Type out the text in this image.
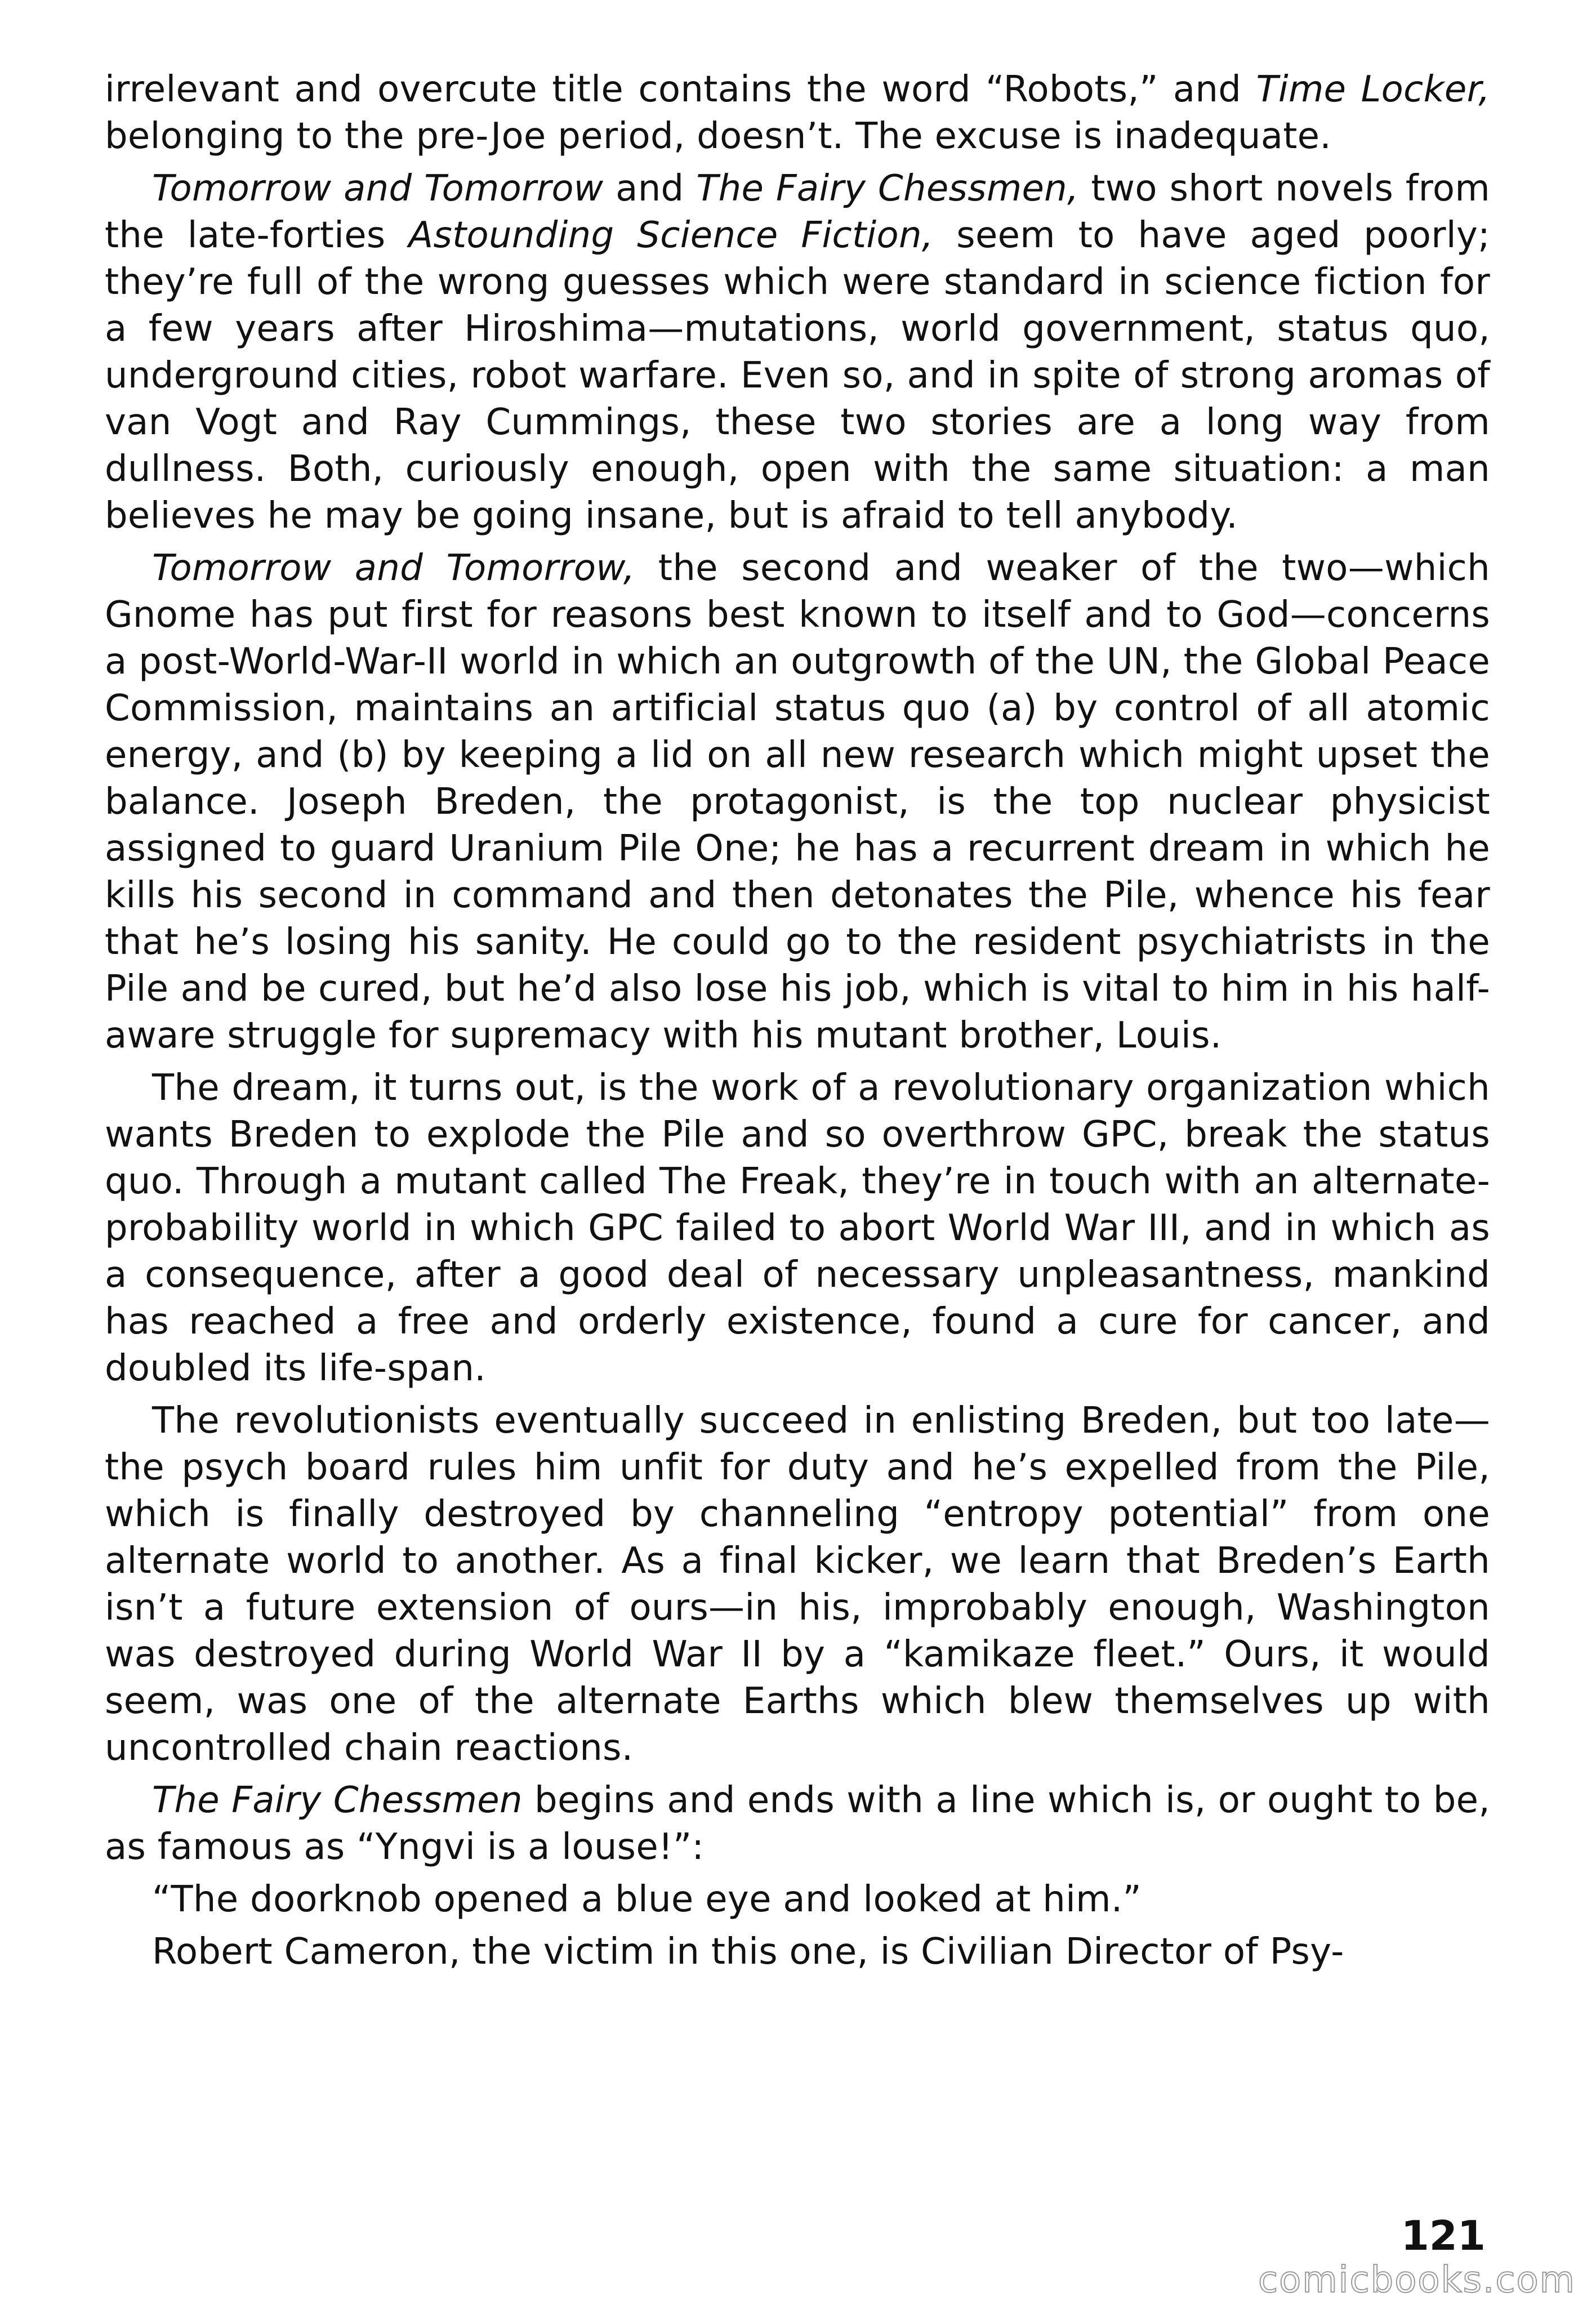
irrelevant and overcute title contains the word “Robots,” and Time Locker, belonging to the pre-Joe period, doesn’t. The excuse is inadequate.

Tomorrow and Tomorrow and The Fairy Chessmen, two short novels from the late-forties Astounding Science Fiction, seem to have aged poorly; they’re full of the wrong guesses which were standard in science fiction for a few years after Hiroshima—mutations, world government, status quo, underground cities, robot warfare. Even so, and in spite of strong aromas of van Vogt and Ray Cummings, these two stories are a long way from dullness. Both, curiously enough, open with the same situation: a man believes he may be going insane, but is afraid to tell anybody.

Tomorrow and Tomorrow, the second and weaker of the two—which Gnome has put first for reasons best known to itself and to God—concerns a post-World-War-II world in which an outgrowth of the UN, the Global Peace Commission, maintains an artificial status quo (a) by control of all atomic energy, and (b) by keeping a lid on all new research which might upset the balance. Joseph Breden, the protagonist, is the top nuclear physicist assigned to guard Uranium Pile One; he has a recurrent dream in which he kills his second in command and then detonates the Pile, whence his fear that he’s losing his sanity. He could go to the resident psychiatrists in the Pile and be cured, but he’d also lose his job, which is vital to him in his half-aware struggle for supremacy with his mutant brother, Louis.

The dream, it turns out, is the work of a revolutionary organization which wants Breden to explode the Pile and so overthrow GPC, break the status quo. Through a mutant called The Freak, they’re in touch with an alternate-probability world in which GPC failed to abort World War III, and in which as a consequence, after a good deal of necessary unpleasantness, mankind has reached a free and orderly existence, found a cure for cancer, and doubled its life-span.

The revolutionists eventually succeed in enlisting Breden, but too late—the psych board rules him unfit for duty and he’s expelled from the Pile, which is finally destroyed by channeling “entropy potential” from one alternate world to another. As a final kicker, we learn that Breden’s Earth isn’t a future extension of ours—in his, improbably enough, Washington was destroyed during World War II by a “kamikaze fleet.” Ours, it would seem, was one of the alternate Earths which blew themselves up with uncontrolled chain reactions.

The Fairy Chessmen begins and ends with a line which is, or ought to be, as famous as “Yngvi is a louse!”:

“The doorknob opened a blue eye and looked at him.”

Robert Cameron, the victim in this one, is Civilian Director of Psy-

121
comicbooks.com
